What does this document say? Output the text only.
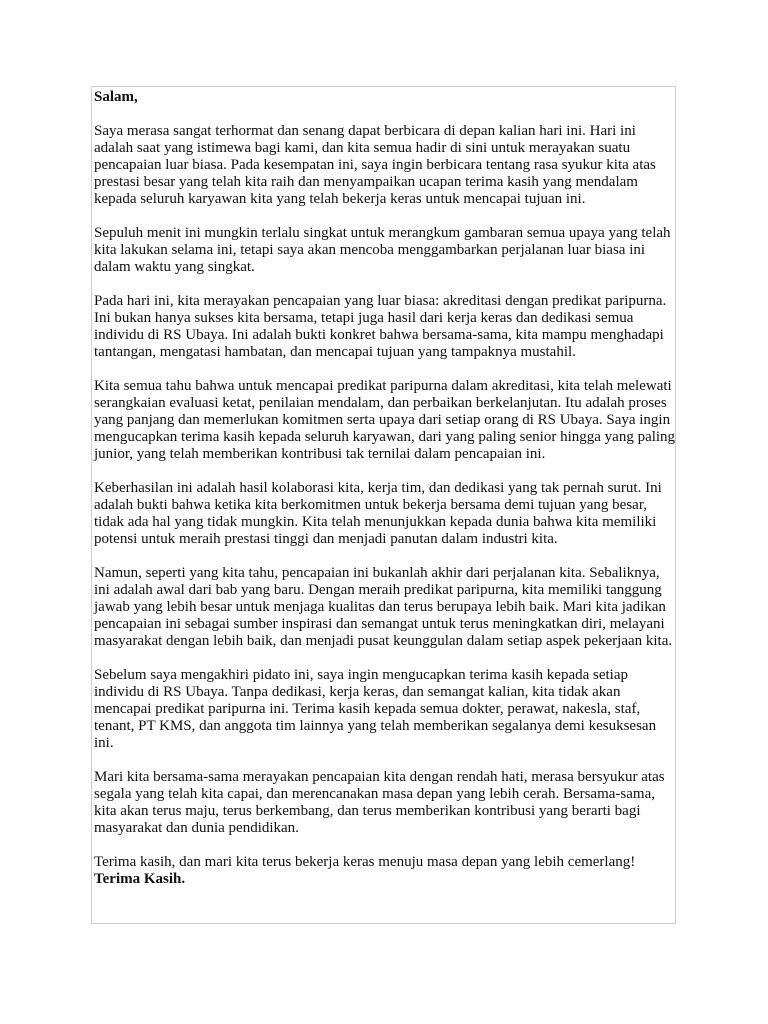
Salam,

Saya merasa sangat terhormat dan senang dapat berbicara di depan kalian hari ini. Hari ini adalah saat yang istimewa bagi kami, dan kita semua hadir di sini untuk merayakan suatu pencapaian luar biasa. Pada kesempatan ini, saya ingin berbicara tentang rasa syukur kita atas prestasi besar yang telah kita raih dan menyampaikan ucapan terima kasih yang mendalam kepada seluruh karyawan kita yang telah bekerja keras untuk mencapai tujuan ini.

Sepuluh menit ini mungkin terlalu singkat untuk merangkum gambaran semua upaya yang telah kita lakukan selama ini, tetapi saya akan mencoba menggambarkan perjalanan luar biasa ini dalam waktu yang singkat.

Pada hari ini, kita merayakan pencapaian yang luar biasa: akreditasi dengan predikat paripurna. Ini bukan hanya sukses kita bersama, tetapi juga hasil dari kerja keras dan dedikasi semua individu di RS Ubaya. Ini adalah bukti konkret bahwa bersama-sama, kita mampu menghadapi tantangan, mengatasi hambatan, dan mencapai tujuan yang tampaknya mustahil.

Kita semua tahu bahwa untuk mencapai predikat paripurna dalam akreditasi, kita telah melewati serangkaian evaluasi ketat, penilaian mendalam, dan perbaikan berkelanjutan. Itu adalah proses yang panjang dan memerlukan komitmen serta upaya dari setiap orang di RS Ubaya. Saya ingin mengucapkan terima kasih kepada seluruh karyawan, dari yang paling senior hingga yang paling junior, yang telah memberikan kontribusi tak ternilai dalam pencapaian ini.

Keberhasilan ini adalah hasil kolaborasi kita, kerja tim, dan dedikasi yang tak pernah surut. Ini adalah bukti bahwa ketika kita berkomitmen untuk bekerja bersama demi tujuan yang besar, tidak ada hal yang tidak mungkin. Kita telah menunjukkan kepada dunia bahwa kita memiliki potensi untuk meraih prestasi tinggi dan menjadi panutan dalam industri kita.

Namun, seperti yang kita tahu, pencapaian ini bukanlah akhir dari perjalanan kita. Sebaliknya, ini adalah awal dari bab yang baru. Dengan meraih predikat paripurna, kita memiliki tanggung jawab yang lebih besar untuk menjaga kualitas dan terus berupaya lebih baik. Mari kita jadikan pencapaian ini sebagai sumber inspirasi dan semangat untuk terus meningkatkan diri, melayani masyarakat dengan lebih baik, dan menjadi pusat keunggulan dalam setiap aspek pekerjaan kita.

Sebelum saya mengakhiri pidato ini, saya ingin mengucapkan terima kasih kepada setiap individu di RS Ubaya. Tanpa dedikasi, kerja keras, dan semangat kalian, kita tidak akan mencapai predikat paripurna ini. Terima kasih kepada semua dokter, perawat, nakesla, staf, tenant, PT KMS, dan anggota tim lainnya yang telah memberikan segalanya demi kesuksesan ini.

Mari kita bersama-sama merayakan pencapaian kita dengan rendah hati, merasa bersyukur atas segala yang telah kita capai, dan merencanakan masa depan yang lebih cerah. Bersama-sama, kita akan terus maju, terus berkembang, dan terus memberikan kontribusi yang berarti bagi masyarakat dan dunia pendidikan.

Terima kasih, dan mari kita terus bekerja keras menuju masa depan yang lebih cemerlang!

Terima Kasih.
